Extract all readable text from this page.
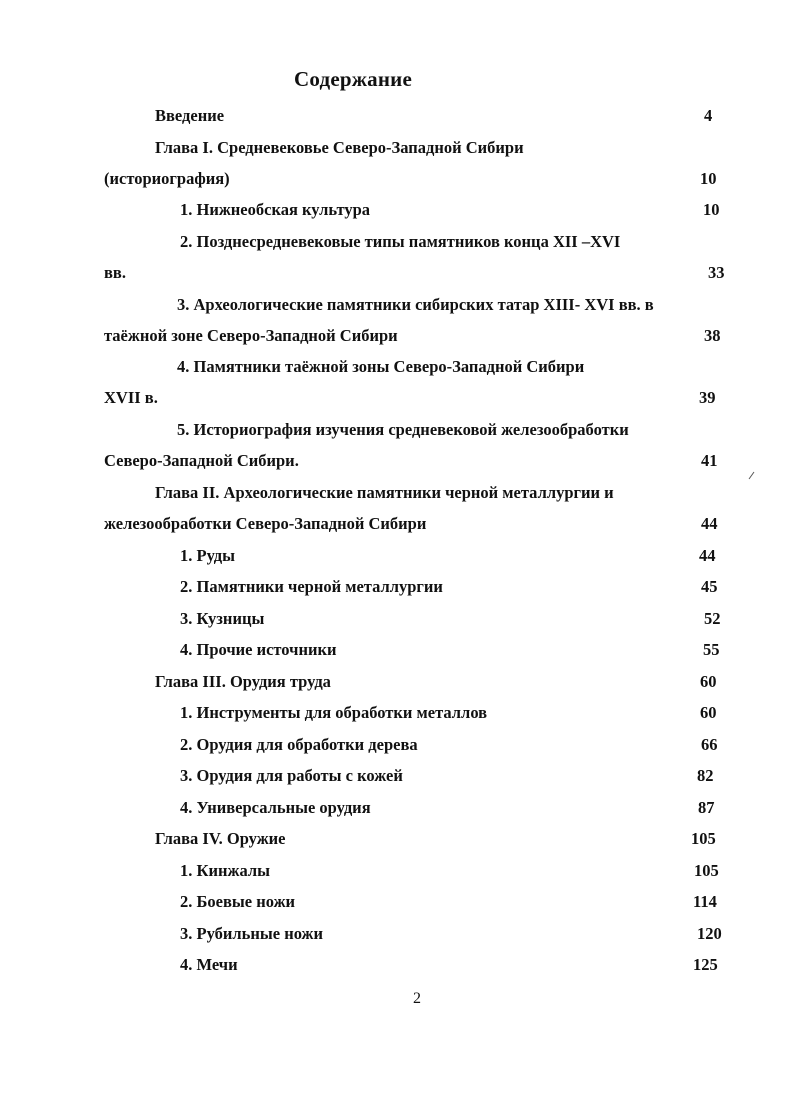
Содержание
Введение	4
Глава I. Средневековье Северо-Западной Сибири
(историография)	10
1. Нижнеобская культура	10
2. Позднесредневековые типы памятников конца XII –XVI
вв.	33
3. Археологические памятники сибирских татар XIII- XVI вв. в
таёжной зоне Северо-Западной Сибири	38
4. Памятники таёжной зоны Северо-Западной Сибири
XVII в.	39
5. Историография изучения средневековой железообработки
Северо-Западной Сибири.	41
Глава II. Археологические памятники черной металлургии и
железообработки Северо-Западной Сибири	44
1. Руды	44
2. Памятники черной металлургии	45
3. Кузницы	52
4. Прочие источники	55
Глава III. Орудия труда	60
1. Инструменты для обработки металлов	60
2. Орудия для обработки дерева	66
3. Орудия для работы с кожей	82
4. Универсальные орудия	87
Глава IV. Оружие	105
1. Кинжалы	105
2. Боевые ножи	114
3. Рубильные ножи	120
4. Мечи	125
2
